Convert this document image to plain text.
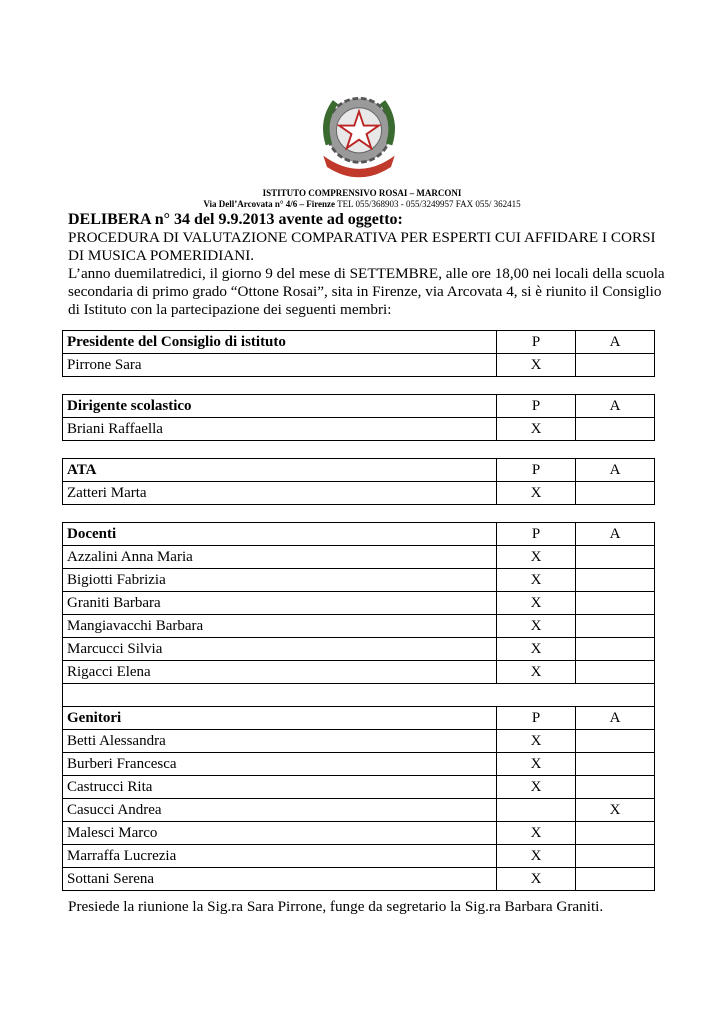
ISTITUTO COMPRENSIVO ROSAI – MARCONI
Via Dell’Arcovata n° 4/6 – Firenze TEL 055/368903 - 055/3249957 FAX 055/ 362415
DELIBERA n° 34 del 9.9.2013 avente ad oggetto:
PROCEDURA DI VALUTAZIONE COMPARATIVA PER ESPERTI CUI AFFIDARE I CORSI DI MUSICA POMERIDIANI.
L’anno duemilatredici, il giorno 9 del mese di SETTEMBRE, alle ore 18,00 nei locali della scuola secondaria di primo grado “Ottone Rosai”, sita in Firenze, via Arcovata 4, si è riunito il Consiglio di Istituto con la partecipazione dei seguenti membri:
Presidente del Consiglio di istituto	P	A
Pirrone Sara	X	
Dirigente scolastico	P	A
Briani Raffaella	X	
ATA	P	A
Zatteri Marta	X	
Docenti	P	A
Azzalini Anna Maria	X	
Bigiotti Fabrizia	X	
Graniti Barbara	X	
Mangiavacchi Barbara	X	
Marcucci Silvia	X	
Rigacci Elena	X	

Genitori	P	A
Betti Alessandra	X	
Burberi Francesca	X	
Castrucci Rita	X	
Casucci Andrea		X
Malesci Marco	X	
Marraffa Lucrezia	X	
Sottani Serena	X	
Presiede la riunione la Sig.ra Sara Pirrone, funge da segretario la Sig.ra Barbara Graniti.
